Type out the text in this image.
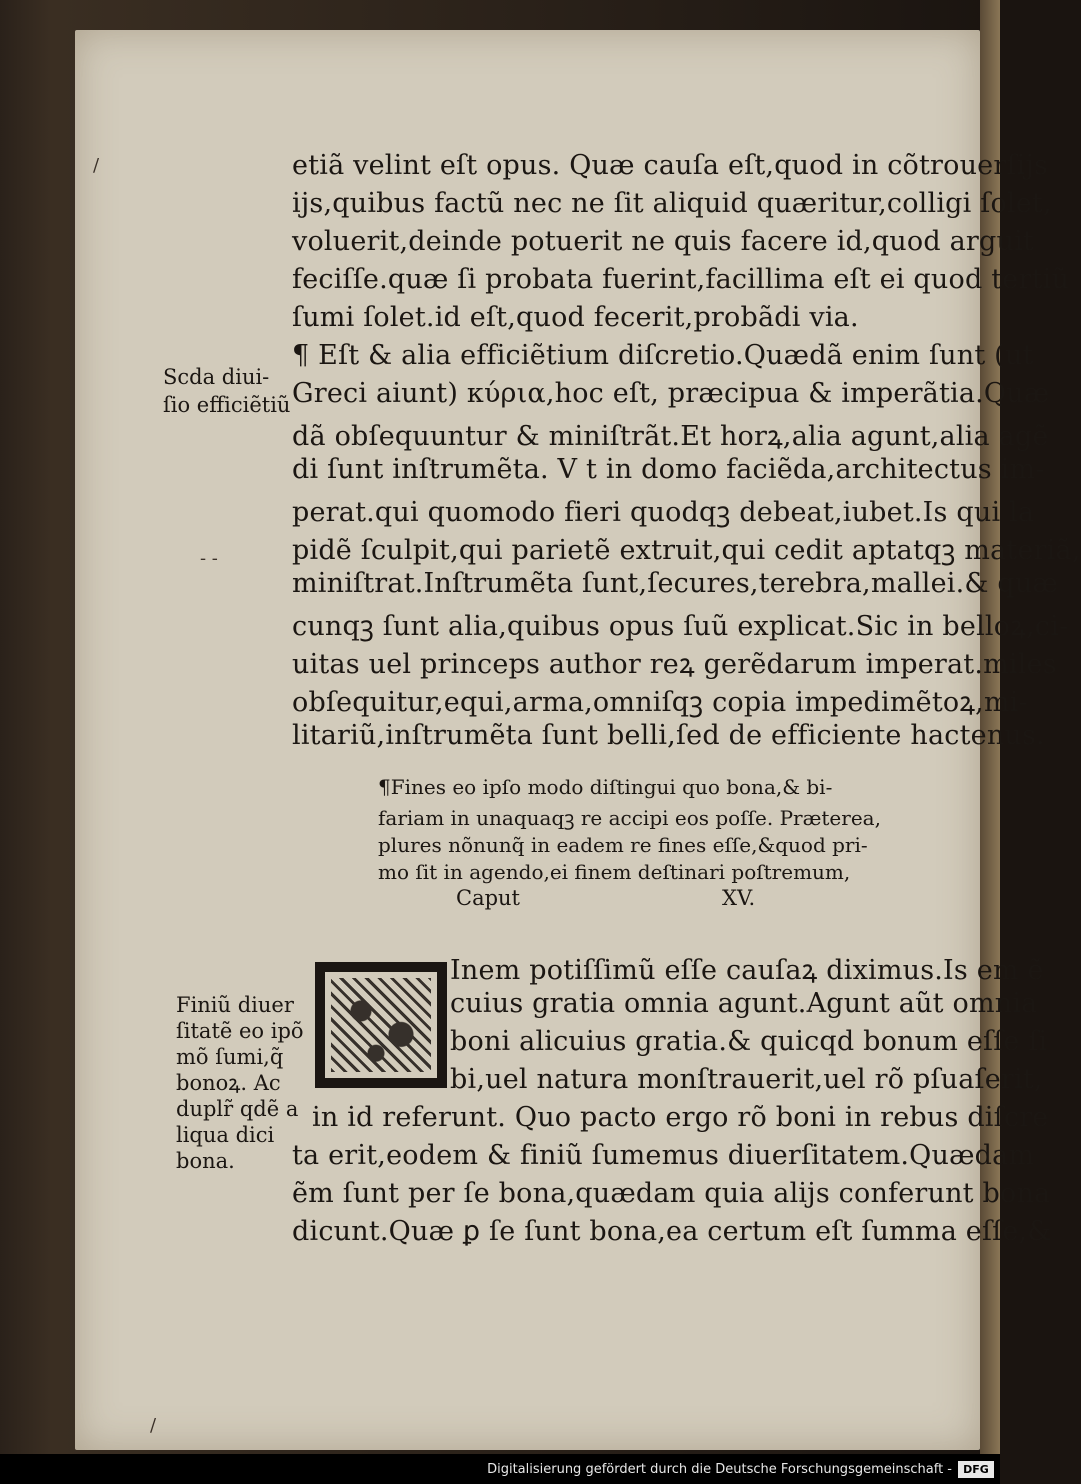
/
- -
etiã velint eſt opus. Quæ cauſa eſt,quod in cõtrouerſijs
ijs,quibus factũ nec ne ſit aliquid quæritur,colligi ſolet,
voluerit,deinde potuerit ne quis facere id,quod arguit
feciſſe.quæ ſi probata fuerint,facillima eſt ei quod tertiũ
ſumi ſolet.id eſt,quod fecerit,probãdi via.
¶ Eſt & alia efficiẽtium diſcretio.Quædã enim ſunt (ut
Greci aiunt) κύρια,hoc eſt, præcipua & imperãtia.Quæ
dã obſequuntur & miniſtrãt.Et horꝝ,alia agunt,alia agẽ
di ſunt inſtrumẽta. V t in domo faciẽda,architectus im-
perat.qui quomodo fieri quodqꝫ debeat,iubet.Is qui la
pidẽ ſculpit,qui parietẽ extruit,qui cedit aptatqꝫ materiã,
miniſtrat.Inſtrumẽta ſunt,ſecures,terebra,mallei.& quæ
cunqꝫ ſunt alia,quibus opus ſuũ explicat.Sic in belloꝝ,ci-
uitas uel princeps author reꝝ gerẽdarum imperat.miles
obſequitur,equi,arma,omniſqꝫ copia impedimẽtoꝝ,mi-
litariũ,inſtrumẽta ſunt belli,ſed de efficiente hactenus.
Scda diui-
ſio efficiẽtiũ
¶Fines eo ipſo modo diſtingui quo bona,& bi-
fariam in unaquaqꝫ re accipi eos poſſe. Præterea,
plures nõnunq̃ in eadem re fines eſſe,&quod pri-
mo ſit in agendo,ei finem deſtinari poſtremum,
Caput	XV.
Inem potiſſimũ eſſe cauſaꝝ diximus.Is em ẽ
cuius gratia omnia agunt.Agunt aũt omnia
boni alicuius gratia.& quicqd bonum eſſe ſi
bi,uel natura monſtrauerit,uel rõ pſuaſerit,
in id referunt. Quo pacto ergo rõ boni in rebus diſcre
ta erit,eodem & finiũ ſumemus diuerſitatem.Quædam
ẽm ſunt per ſe bona,quædam quia alijs conferunt bona
dicunt.Quæ ꝑ ſe ſunt bona,ea certum eſt ſumma eſſe,&
Finiũ diuer
ſitatẽ eo ipõ
mõ ſumi,q̃
bonoꝝ. Ac
duplr̃ qdẽ a
liqua dici
bona.
/
Digitalisierung gefördert durch die Deutsche Forschungsgemeinschaft -	DFG
